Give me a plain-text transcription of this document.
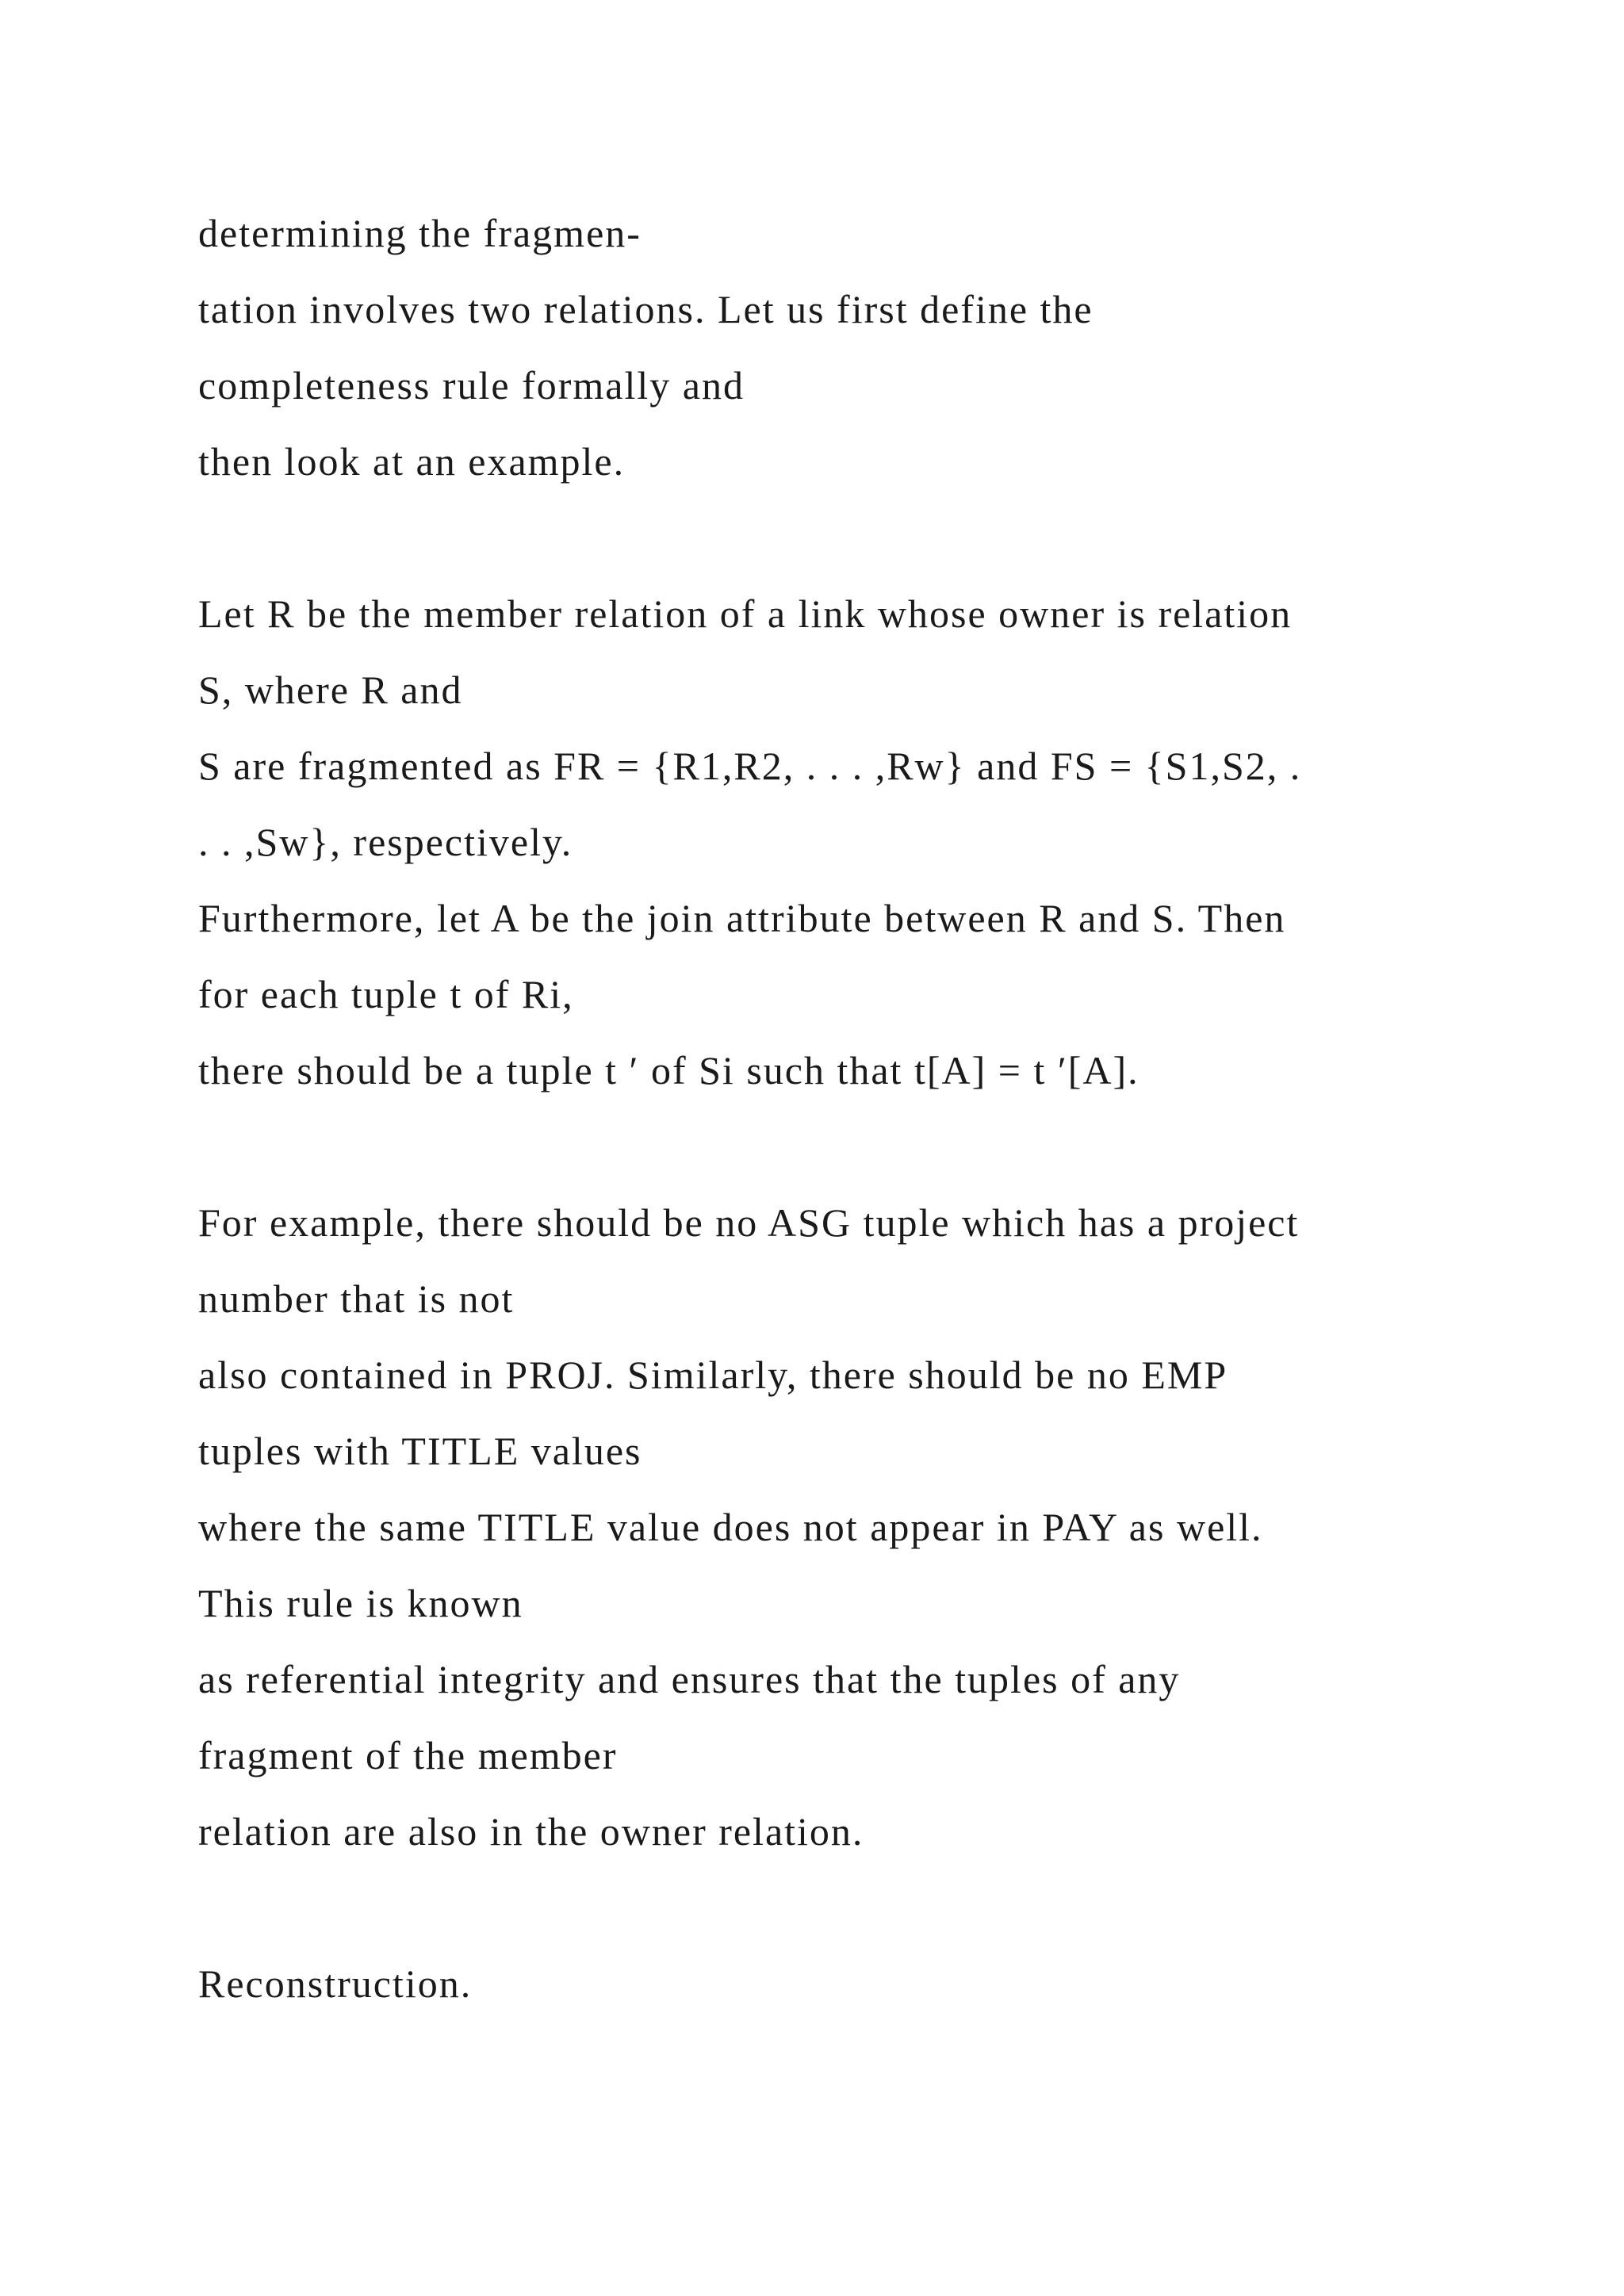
determining the fragmen-
tation involves two relations. Let us first define the
completeness rule formally and
then look at an example.
Let R be the member relation of a link whose owner is relation
S, where R and
S are fragmented as FR = {R1,R2, . . . ,Rw} and FS = {S1,S2, .
. . ,Sw}, respectively.
Furthermore, let A be the join attribute between R and S. Then
for each tuple t of Ri,
there should be a tuple t ′ of Si such that t[A] = t ′[A].
For example, there should be no ASG tuple which has a project
number that is not
also contained in PROJ. Similarly, there should be no EMP
tuples with TITLE values
where the same TITLE value does not appear in PAY as well.
This rule is known
as referential integrity and ensures that the tuples of any
fragment of the member
relation are also in the owner relation.
Reconstruction.
